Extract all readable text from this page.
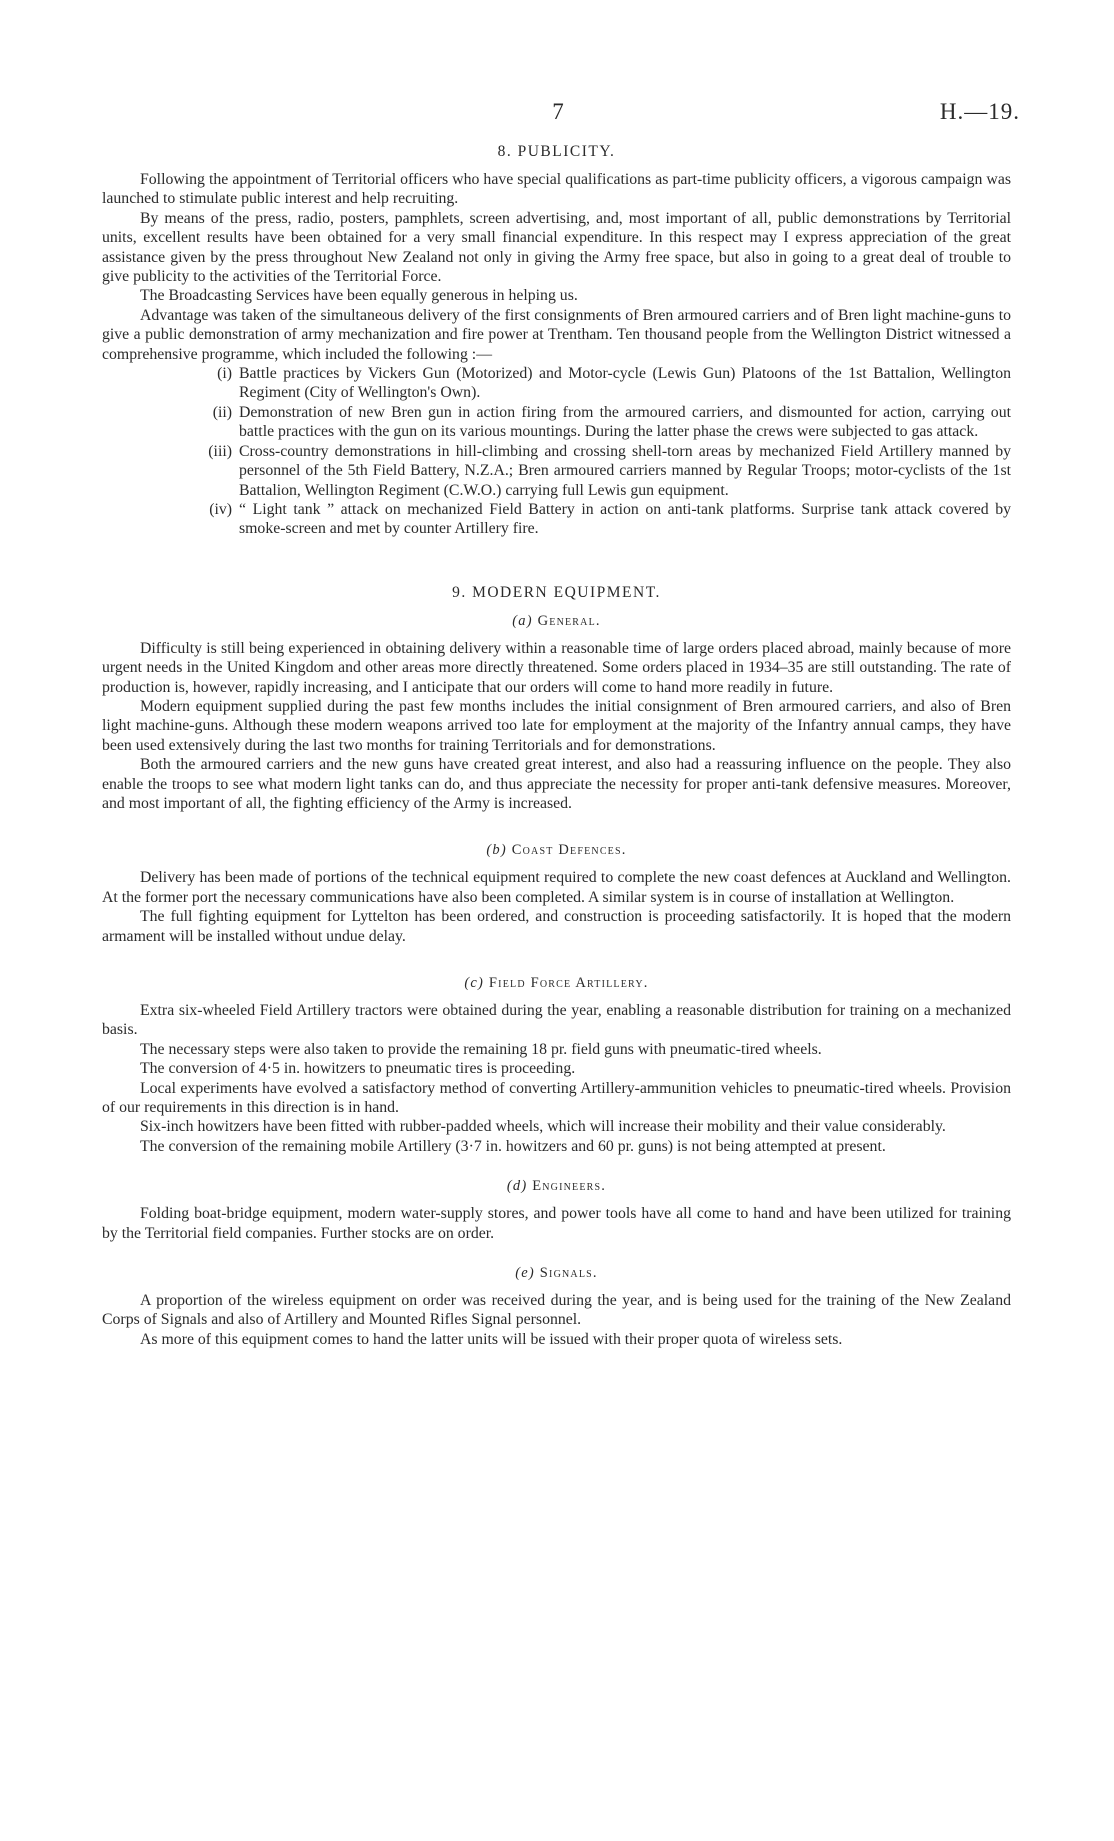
7	H.—19.
8. PUBLICITY.

Following the appointment of Territorial officers who have special qualifications as part-time publicity officers, a vigorous campaign was launched to stimulate public interest and help recruiting.

By means of the press, radio, posters, pamphlets, screen advertising, and, most important of all, public demonstrations by Territorial units, excellent results have been obtained for a very small financial expenditure. In this respect may I express appreciation of the great assistance given by the press throughout New Zealand not only in giving the Army free space, but also in going to a great deal of trouble to give publicity to the activities of the Territorial Force.

The Broadcasting Services have been equally generous in helping us.

Advantage was taken of the simultaneous delivery of the first consignments of Bren armoured carriers and of Bren light machine-guns to give a public demonstration of army mechanization and fire power at Trentham. Ten thousand people from the Wellington District witnessed a comprehensive programme, which included the following :—

(i) Battle practices by Vickers Gun (Motorized) and Motor-cycle (Lewis Gun) Platoons of the 1st Battalion, Wellington Regiment (City of Wellington's Own).
(ii) Demonstration of new Bren gun in action firing from the armoured carriers, and dismounted for action, carrying out battle practices with the gun on its various mountings. During the latter phase the crews were subjected to gas attack.
(iii) Cross-country demonstrations in hill-climbing and crossing shell-torn areas by mechanized Field Artillery manned by personnel of the 5th Field Battery, N.Z.A.; Bren armoured carriers manned by Regular Troops; motor-cyclists of the 1st Battalion, Wellington Regiment (C.W.O.) carrying full Lewis gun equipment.
(iv) “ Light tank ” attack on mechanized Field Battery in action on anti-tank platforms. Surprise tank attack covered by smoke-screen and met by counter Artillery fire.
9. MODERN EQUIPMENT.
(a) General.

Difficulty is still being experienced in obtaining delivery within a reasonable time of large orders placed abroad, mainly because of more urgent needs in the United Kingdom and other areas more directly threatened. Some orders placed in 1934–35 are still outstanding. The rate of production is, however, rapidly increasing, and I anticipate that our orders will come to hand more readily in future.

Modern equipment supplied during the past few months includes the initial consignment of Bren armoured carriers, and also of Bren light machine-guns. Although these modern weapons arrived too late for employment at the majority of the Infantry annual camps, they have been used extensively during the last two months for training Territorials and for demonstrations.

Both the armoured carriers and the new guns have created great interest, and also had a reassuring influence on the people. They also enable the troops to see what modern light tanks can do, and thus appreciate the necessity for proper anti-tank defensive measures. Moreover, and most important of all, the fighting efficiency of the Army is increased.

(b) Coast Defences.

Delivery has been made of portions of the technical equipment required to complete the new coast defences at Auckland and Wellington. At the former port the necessary communications have also been completed. A similar system is in course of installation at Wellington.

The full fighting equipment for Lyttelton has been ordered, and construction is proceeding satisfactorily. It is hoped that the modern armament will be installed without undue delay.

(c) Field Force Artillery.

Extra six-wheeled Field Artillery tractors were obtained during the year, enabling a reasonable distribution for training on a mechanized basis.

The necessary steps were also taken to provide the remaining 18 pr. field guns with pneumatic-tired wheels.

The conversion of 4·5 in. howitzers to pneumatic tires is proceeding.

Local experiments have evolved a satisfactory method of converting Artillery-ammunition vehicles to pneumatic-tired wheels. Provision of our requirements in this direction is in hand.

Six-inch howitzers have been fitted with rubber-padded wheels, which will increase their mobility and their value considerably.

The conversion of the remaining mobile Artillery (3·7 in. howitzers and 60 pr. guns) is not being attempted at present.

(d) Engineers.

Folding boat-bridge equipment, modern water-supply stores, and power tools have all come to hand and have been utilized for training by the Territorial field companies. Further stocks are on order.

(e) Signals.

A proportion of the wireless equipment on order was received during the year, and is being used for the training of the New Zealand Corps of Signals and also of Artillery and Mounted Rifles Signal personnel.

As more of this equipment comes to hand the latter units will be issued with their proper quota of wireless sets.
